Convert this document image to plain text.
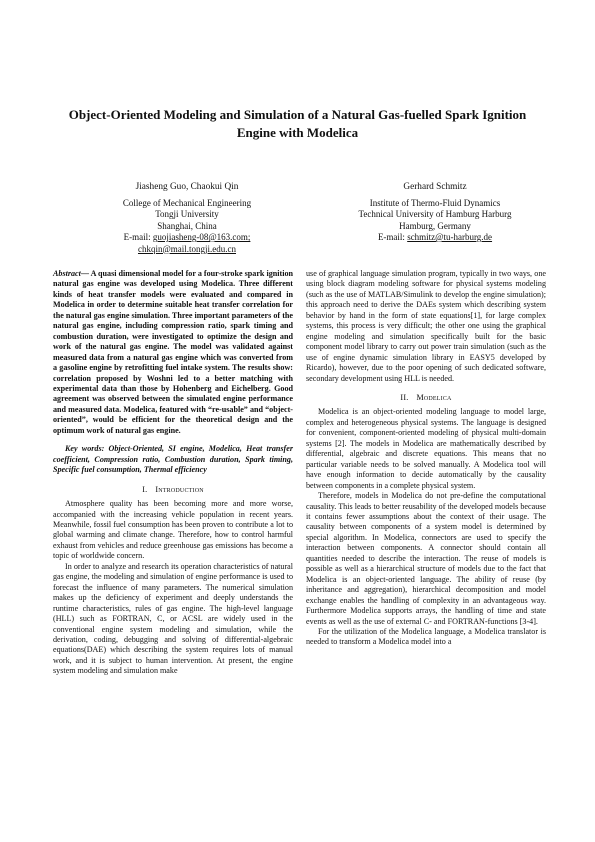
Object-Oriented Modeling and Simulation of a Natural Gas-fuelled Spark Ignition Engine with Modelica
Jiasheng Guo, Chaokui Qin
College of Mechanical Engineering
Tongji University
Shanghai, China
E-mail: guojiasheng-08@163.com;
chkqin@mail.tongji.edu.cn
Gerhard Schmitz
Institute of Thermo-Fluid Dynamics
Technical University of Hamburg Harburg
Hamburg, Germany
E-mail: schmitz@tu-harburg.de

Abstract— A quasi dimensional model for a four-stroke spark ignition natural gas engine was developed using Modelica. Three different kinds of heat transfer models were evaluated and compared in Modelica in order to determine suitable heat transfer correlation for the natural gas engine simulation. Three important parameters of the natural gas engine, including compression ratio, spark timing and combustion duration, were investigated to optimize the design and work of the natural gas engine. The model was validated against measured data from a natural gas engine which was converted from a gasoline engine by retrofitting fuel intake system. The results show: correlation proposed by Woshni led to a better matching with experimental data than those by Hohenberg and Eichelberg. Good agreement was observed between the simulated engine performance and measured data. Modelica, featured with “re-usable” and “object-oriented”, would be efficient for the theoretical design and the optimum work of natural gas engine.

Key words: Object-Oriented, SI engine, Modelica, Heat transfer coefficient, Compression ratio, Combustion duration, Spark timing, Specific fuel consumption, Thermal efficiency

I. Introduction

Atmosphere quality has been becoming more and more worse, accompanied with the increasing vehicle population in recent years. Meanwhile, fossil fuel consumption has been proven to contribute a lot to global warming and climate change. Therefore, how to control harmful exhaust from vehicles and reduce greenhouse gas emissions has become a topic of worldwide concern.

In order to analyze and research its operation characteristics of natural gas engine, the modeling and simulation of engine performance is used to forecast the influence of many parameters. The numerical simulation makes up the deficiency of experiment and deeply understands the runtime characteristics, rules of gas engine. The high-level language (HLL) such as FORTRAN, C, or ACSL are widely used in the conventional engine system modeling and simulation, while the derivation, coding, debugging and solving of differential-algebraic equations(DAE) which describing the system requires lots of manual work, and it is subject to human intervention. At present, the engine system modeling and simulation make

use of graphical language simulation program, typically in two ways, one using block diagram modeling software for physical systems modeling (such as the use of MATLAB/Simulink to develop the engine simulation); this approach need to derive the DAEs system which describing system behavior by hand in the form of state equations[1], for large complex systems, this process is very difficult; the other one using the graphical engine modeling and simulation specifically built for the basic component model library to carry out power train simulation (such as the use of engine dynamic simulation library in EASY5 developed by Ricardo), however, due to the poor opening of such dedicated software, secondary development using HLL is needed.

II. Modelica

Modelica is an object-oriented modeling language to model large, complex and heterogeneous physical systems. The language is designed for convenient, component-oriented modeling of physical multi-domain systems [2]. The models in Modelica are mathematically described by differential, algebraic and discrete equations. This means that no particular variable needs to be solved manually. A Modelica tool will have enough information to decide automatically by the causality between components in a complete physical system.

Therefore, models in Modelica do not pre-define the computational causality. This leads to better reusability of the developed models because it contains fewer assumptions about the context of their usage. The causality between components of a system model is determined by special algorithm. In Modelica, connectors are used to specify the interaction between components. A connector should contain all quantities needed to describe the interaction. The reuse of models is possible as well as a hierarchical structure of models due to the fact that Modelica is an object-oriented language. The ability of reuse (by inheritance and aggregation), hierarchical decomposition and model exchange enables the handling of complexity in an advantageous way. Furthermore Modelica supports arrays, the handling of time and state events as well as the use of external C- and FORTRAN-functions [3-4].

For the utilization of the Modelica language, a Modelica translator is needed to transform a Modelica model into a
